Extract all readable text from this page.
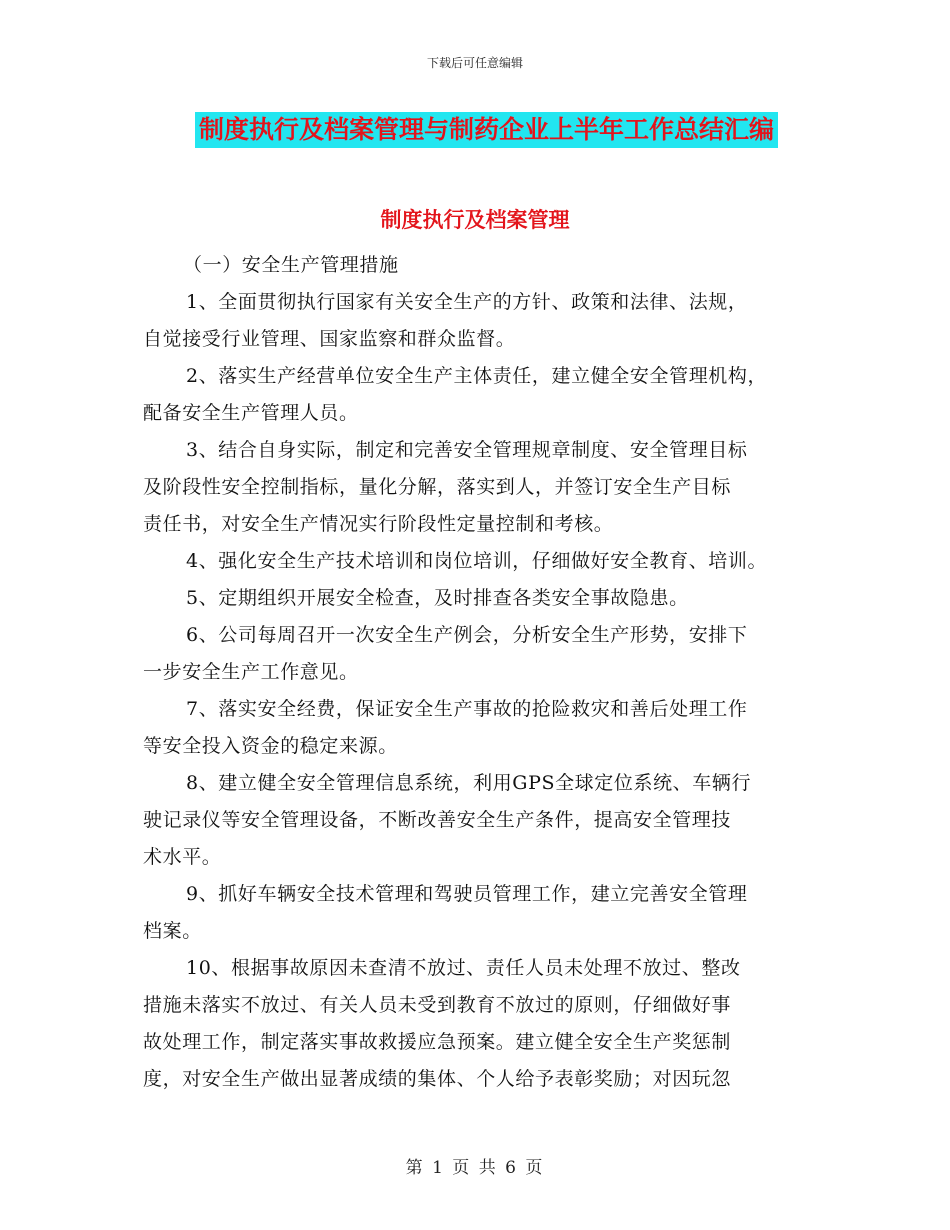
下载后可任意编辑
制度执行及档案管理与制药企业上半年工作总结汇编
制度执行及档案管理
（一）安全生产管理措施
1、全面贯彻执行国家有关安全生产的方针、政策和法律、法规，
自觉接受行业管理、国家监察和群众监督。
2、落实生产经营单位安全生产主体责任，建立健全安全管理机构，
配备安全生产管理人员。
3、结合自身实际，制定和完善安全管理规章制度、安全管理目标
及阶段性安全控制指标，量化分解，落实到人，并签订安全生产目标
责任书，对安全生产情况实行阶段性定量控制和考核。
4、强化安全生产技术培训和岗位培训，仔细做好安全教育、培训。
5、定期组织开展安全检查，及时排查各类安全事故隐患。
6、公司每周召开一次安全生产例会，分析安全生产形势，安排下
一步安全生产工作意见。
7、落实安全经费，保证安全生产事故的抢险救灾和善后处理工作
等安全投入资金的稳定来源。
8、建立健全安全管理信息系统，利用GPS全球定位系统、车辆行
驶记录仪等安全管理设备，不断改善安全生产条件，提高安全管理技
术水平。
9、抓好车辆安全技术管理和驾驶员管理工作，建立完善安全管理
档案。
10、根据事故原因未查清不放过、责任人员未处理不放过、整改
措施未落实不放过、有关人员未受到教育不放过的原则，仔细做好事
故处理工作，制定落实事故救援应急预案。建立健全安全生产奖惩制
度，对安全生产做出显著成绩的集体、个人给予表彰奖励；对因玩忽
第 1 页 共 6 页
